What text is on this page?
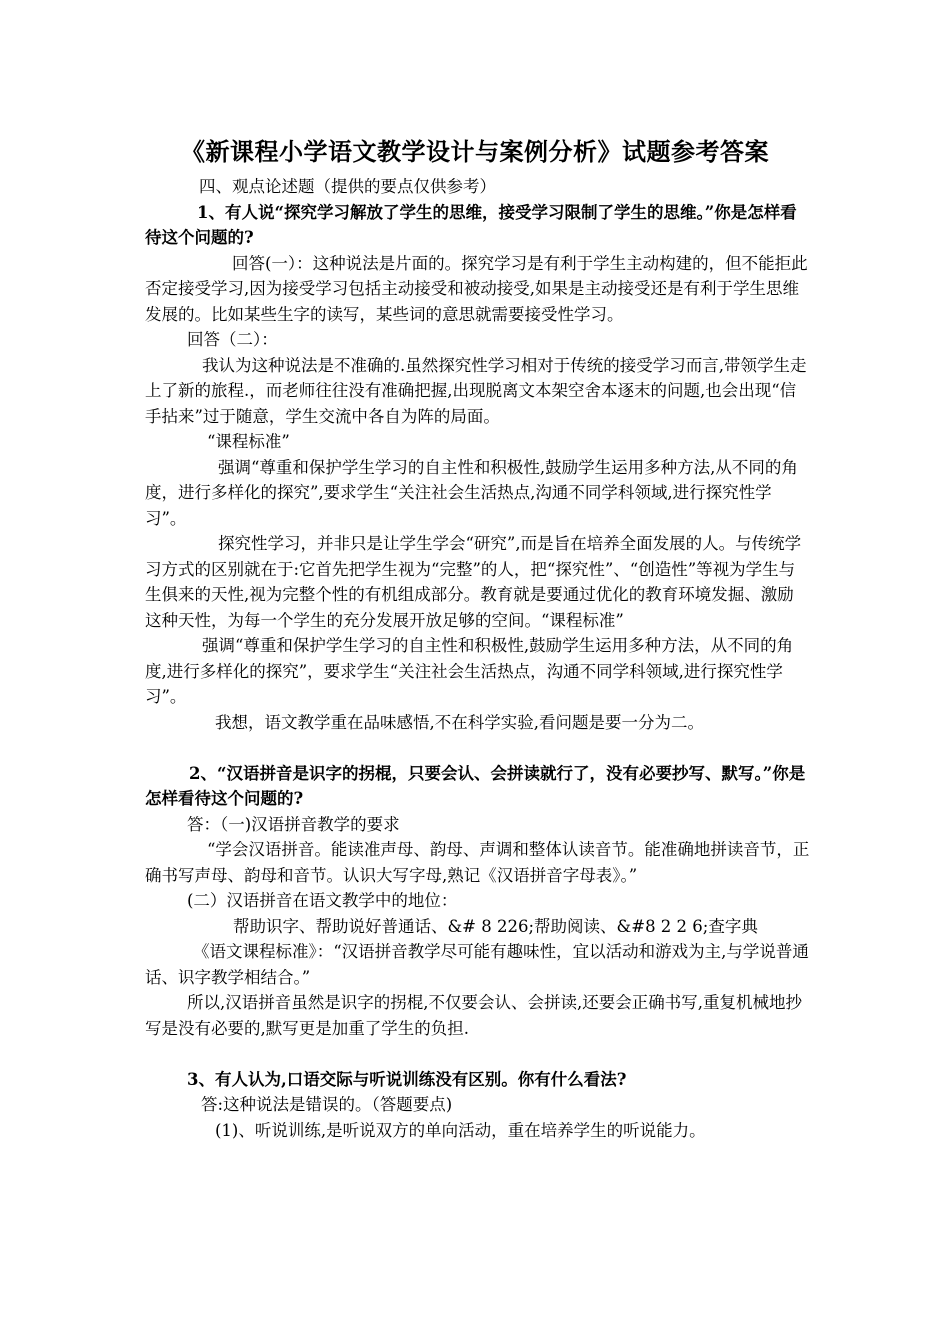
《新课程小学语文教学设计与案例分析》试题参考答案

四、观点论述题（提供的要点仅供参考）

1、有人说“探究学习解放了学生的思维，接受学习限制了学生的思维。”你是怎样看待这个问题的?

回答(一）：这种说法是片面的。探究学习是有利于学生主动构建的，但不能拒此否定接受学习,因为接受学习包括主动接受和被动接受,如果是主动接受还是有利于学生思维发展的。比如某些生字的读写，某些词的意思就需要接受性学习。

回答（二）：

我认为这种说法是不准确的.虽然探究性学习相对于传统的接受学习而言,带领学生走上了新的旅程.，而老师往往没有准确把握,出现脱离文本架空舍本逐末的问题,也会出现“信手拈来”过于随意，学生交流中各自为阵的局面。

“课程标准”

强调“尊重和保护学生学习的自主性和积极性,鼓励学生运用多种方法,从不同的角度，进行多样化的探究”,要求学生“关注社会生活热点,沟通不同学科领域,进行探究性学习”。

探究性学习，并非只是让学生学会“研究”,而是旨在培养全面发展的人。与传统学习方式的区别就在于:它首先把学生视为“完整”的人，把“探究性”、“创造性”等视为学生与生俱来的天性,视为完整个性的有机组成部分。教育就是要通过优化的教育环境发掘、激励这种天性，为每一个学生的充分发展开放足够的空间。“课程标准”

强调“尊重和保护学生学习的自主性和积极性,鼓励学生运用多种方法，从不同的角度,进行多样化的探究”，要求学生“关注社会生活热点，沟通不同学科领域,进行探究性学习”。

我想，语文教学重在品味感悟,不在科学实验,看问题是要一分为二。

2、“汉语拼音是识字的拐棍，只要会认、会拼读就行了，没有必要抄写、默写。”你是怎样看待这个问题的?

答：（一)汉语拼音教学的要求

“学会汉语拼音。能读准声母、韵母、声调和整体认读音节。能准确地拼读音节，正确书写声母、韵母和音节。认识大写字母,熟记《汉语拼音字母表》。”

(二）汉语拼音在语文教学中的地位：

帮助识字、帮助说好普通话、&# 8 226;帮助阅读、&#8 2 2 6;查字典

《语文课程标准》：“汉语拼音教学尽可能有趣味性，宜以活动和游戏为主,与学说普通话、识字教学相结合。”

所以,汉语拼音虽然是识字的拐棍,不仅要会认、会拼读,还要会正确书写,重复机械地抄写是没有必要的,默写更是加重了学生的负担.

3、有人认为,口语交际与听说训练没有区别。你有什么看法?

答:这种说法是错误的。（答题要点)

(1)、听说训练,是听说双方的单向活动，重在培养学生的听说能力。
